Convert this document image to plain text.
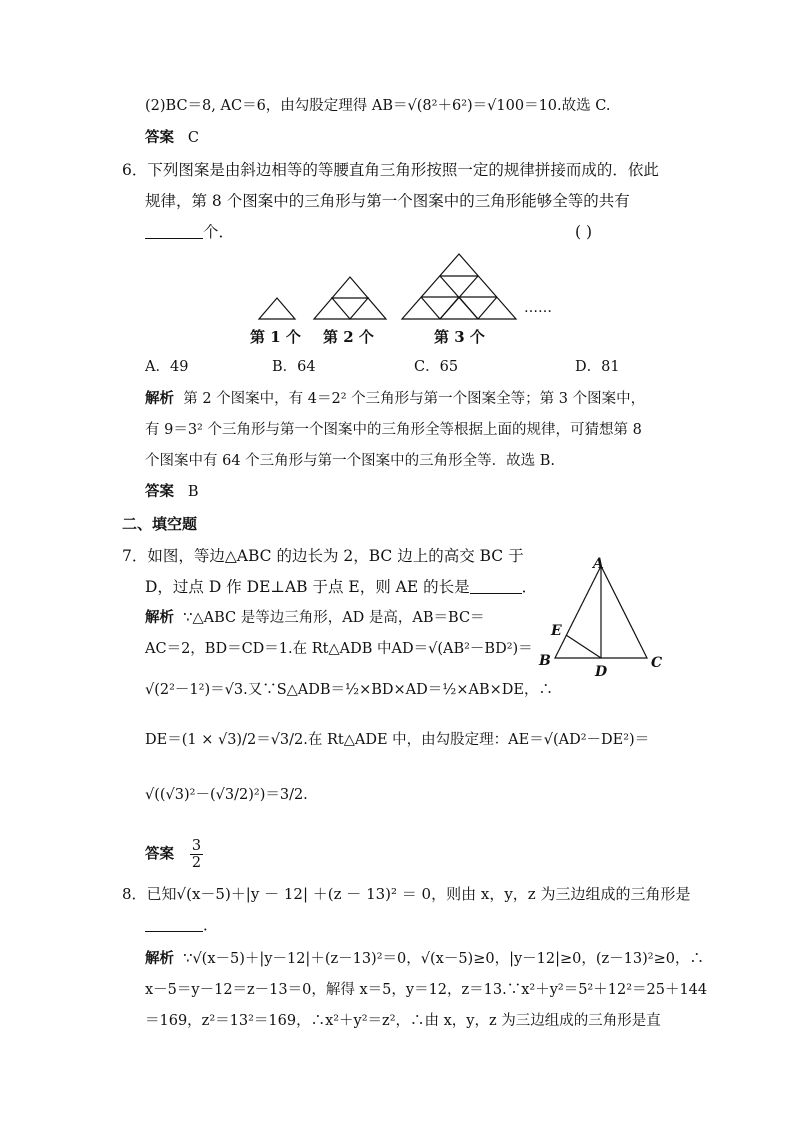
(2)BC＝8, AC＝6，由勾股定理得 AB＝√(8²＋6²)＝√100＝10.故选 C.
答案 C
6．下列图案是由斜边相等的等腰直角三角形按照一定的规律拼接而成的．依此
规律，第 8 个图案中的三角形与第一个图案中的三角形能够全等的共有
个．	( )
……
第 1 个 第 2 个	第 3 个
A．49	B．64	C．65	D．81
解析 第 2 个图案中，有 4＝2² 个三角形与第一个图案全等；第 3 个图案中，
有 9＝3² 个三角形与第一个图案中的三角形全等根据上面的规律，可猜想第 8
个图案中有 64 个三角形与第一个图案中的三角形全等．故选 B.
答案 B
二、填空题
7．如图，等边△ABC 的边长为 2，BC 边上的高交 BC 于
D，过点 D 作 DE⊥AB 于点 E，则 AE 的长是	．
A
B	C
D
E
解析 ∵△ABC 是等边三角形，AD 是高，AB＝BC＝
AC＝2，BD＝CD＝1.在 Rt△ADB 中AD＝√(AB²－BD²)＝
√(2²－1²)＝√3.又∵S△ADB＝½×BD×AD＝½×AB×DE，∴
DE＝(1 × √3)/2＝√3/2.在 Rt△ADE 中，由勾股定理：AE＝√(AD²－DE²)＝
√((√3)²－(√3/2)²)＝3/2.
答案 $\frac{3}{2}$
8．已知√(x－5)＋|y － 12| ＋(z － 13)² ＝ 0，则由 x，y，z 为三边组成的三角形是
．
解析 ∵√(x－5)＋|y－12|＋(z－13)²＝0，√(x－5)≥0，|y－12|≥0，(z－13)²≥0，∴
x－5＝y－12＝z－13＝0，解得 x＝5，y＝12，z＝13.∵x²＋y²＝5²＋12²＝25＋144
＝169，z²＝13²＝169，∴x²＋y²＝z²，∴由 x，y，z 为三边组成的三角形是直
